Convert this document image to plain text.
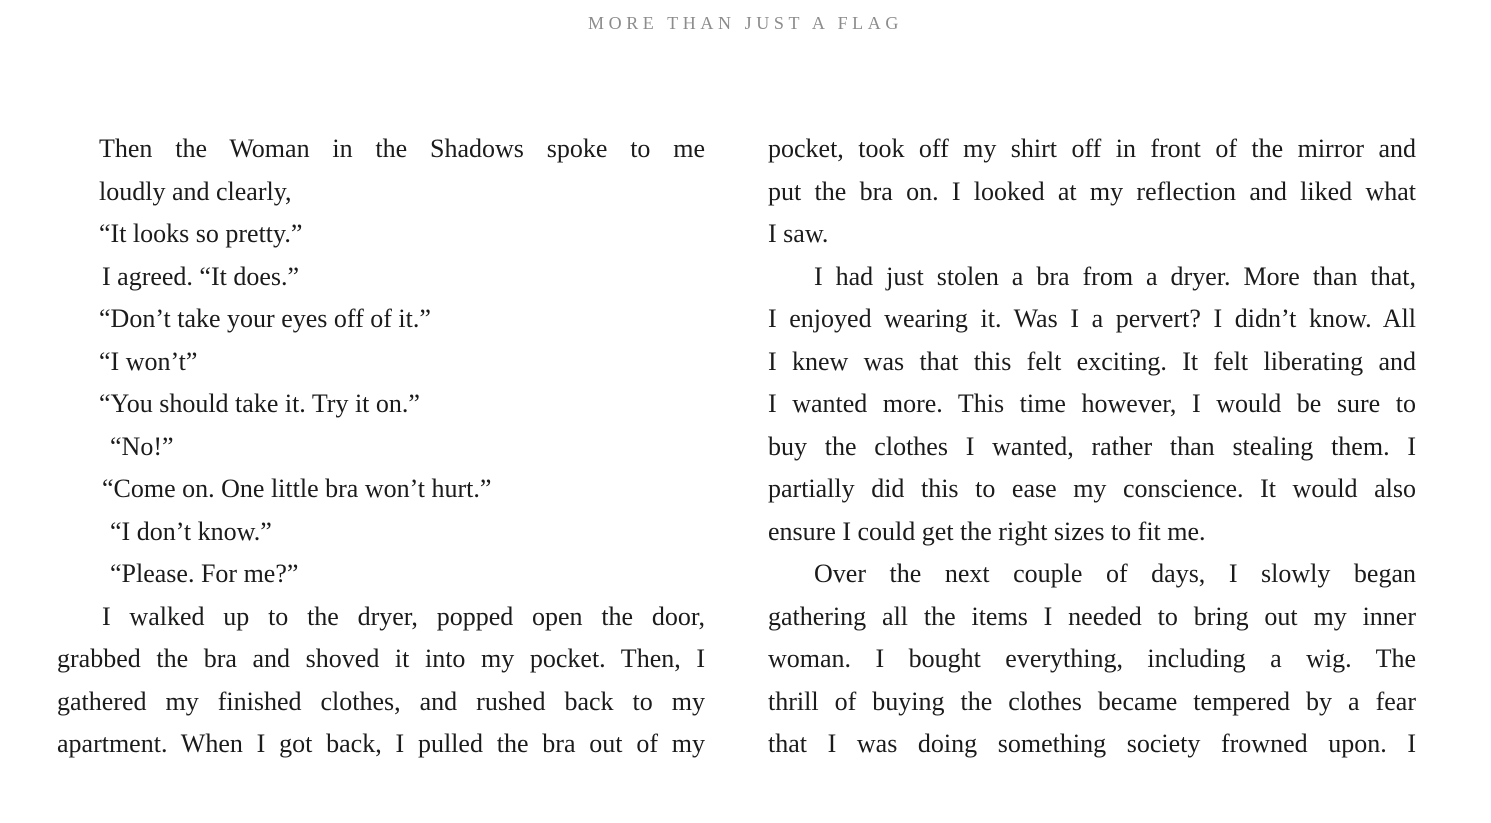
MORE THAN JUST A FLAG
Then the Woman in the Shadows spoke to me
loudly and clearly,
“It looks so pretty.”
I agreed. “It does.”
“Don’t take your eyes off of it.”
“I won’t”
“You should take it. Try it on.”
“No!”
“Come on. One little bra won’t hurt.”
“I don’t know.”
“Please. For me?”
I walked up to the dryer, popped open the door,
grabbed the bra and shoved it into my pocket. Then, I
gathered my finished clothes, and rushed back to my
apartment. When I got back, I pulled the bra out of my
pocket, took off my shirt off in front of the mirror and
put the bra on. I looked at my reflection and liked what
I saw.
I had just stolen a bra from a dryer. More than that,
I enjoyed wearing it. Was I a pervert? I didn’t know. All
I knew was that this felt exciting. It felt liberating and
I wanted more. This time however, I would be sure to
buy the clothes I wanted, rather than stealing them. I
partially did this to ease my conscience. It would also
ensure I could get the right sizes to fit me.
Over the next couple of days, I slowly began
gathering all the items I needed to bring out my inner
woman. I bought everything, including a wig. The
thrill of buying the clothes became tempered by a fear
that I was doing something society frowned upon. I
